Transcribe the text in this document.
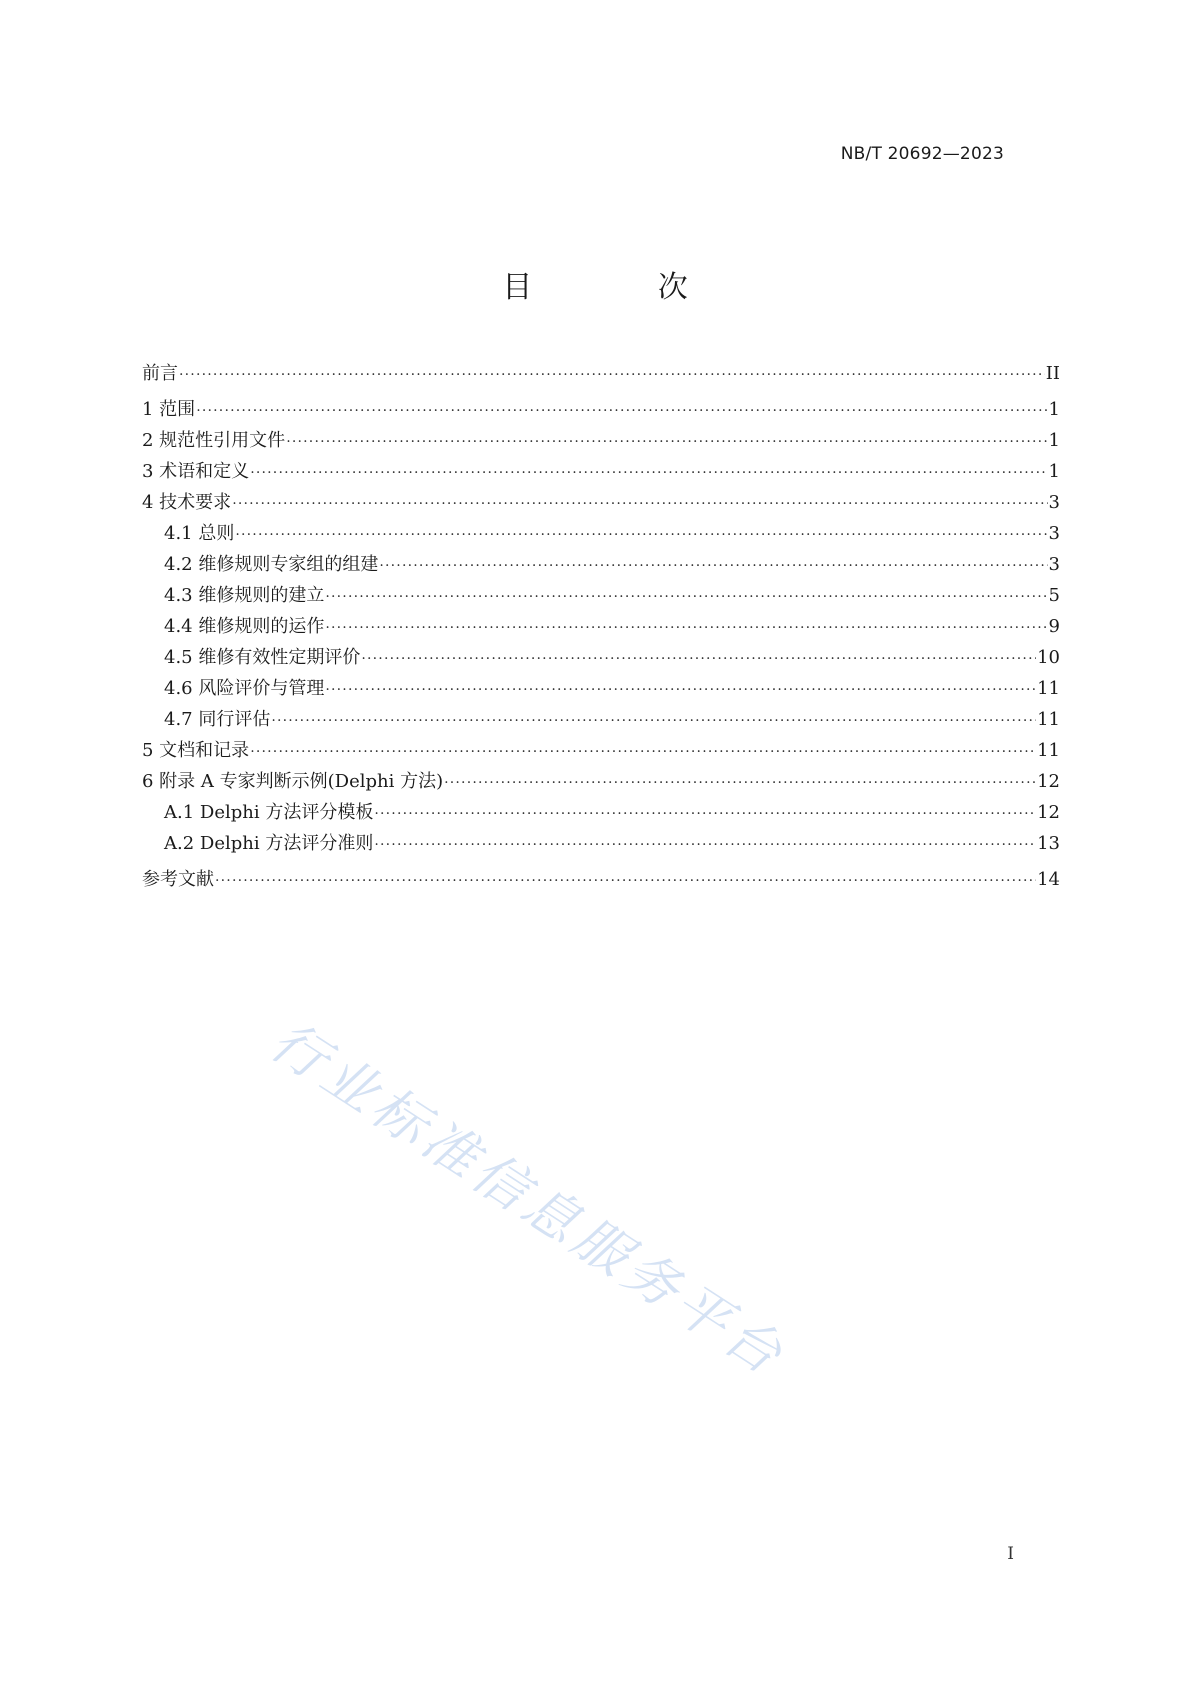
NB/T 20692—2023
目 次
前言 .....	II
1 范围 .....	1
2 规范性引用文件 .....	1
3 术语和定义 .....	1
4 技术要求 .....	3
4.1 总则 .....	3
4.2 维修规则专家组的组建 .....	3
4.3 维修规则的建立 .....	5
4.4 维修规则的运作 .....	9
4.5 维修有效性定期评价 .....	10
4.6 风险评价与管理 .....	11
4.7 同行评估 .....	11
5 文档和记录 .....	11
6 附录 A 专家判断示例(Delphi 方法) .....	12
A.1 Delphi 方法评分模板 .....	12
A.2 Delphi 方法评分准则 .....	13
参考文献 .....	14
行业标准信息服务平台
I
